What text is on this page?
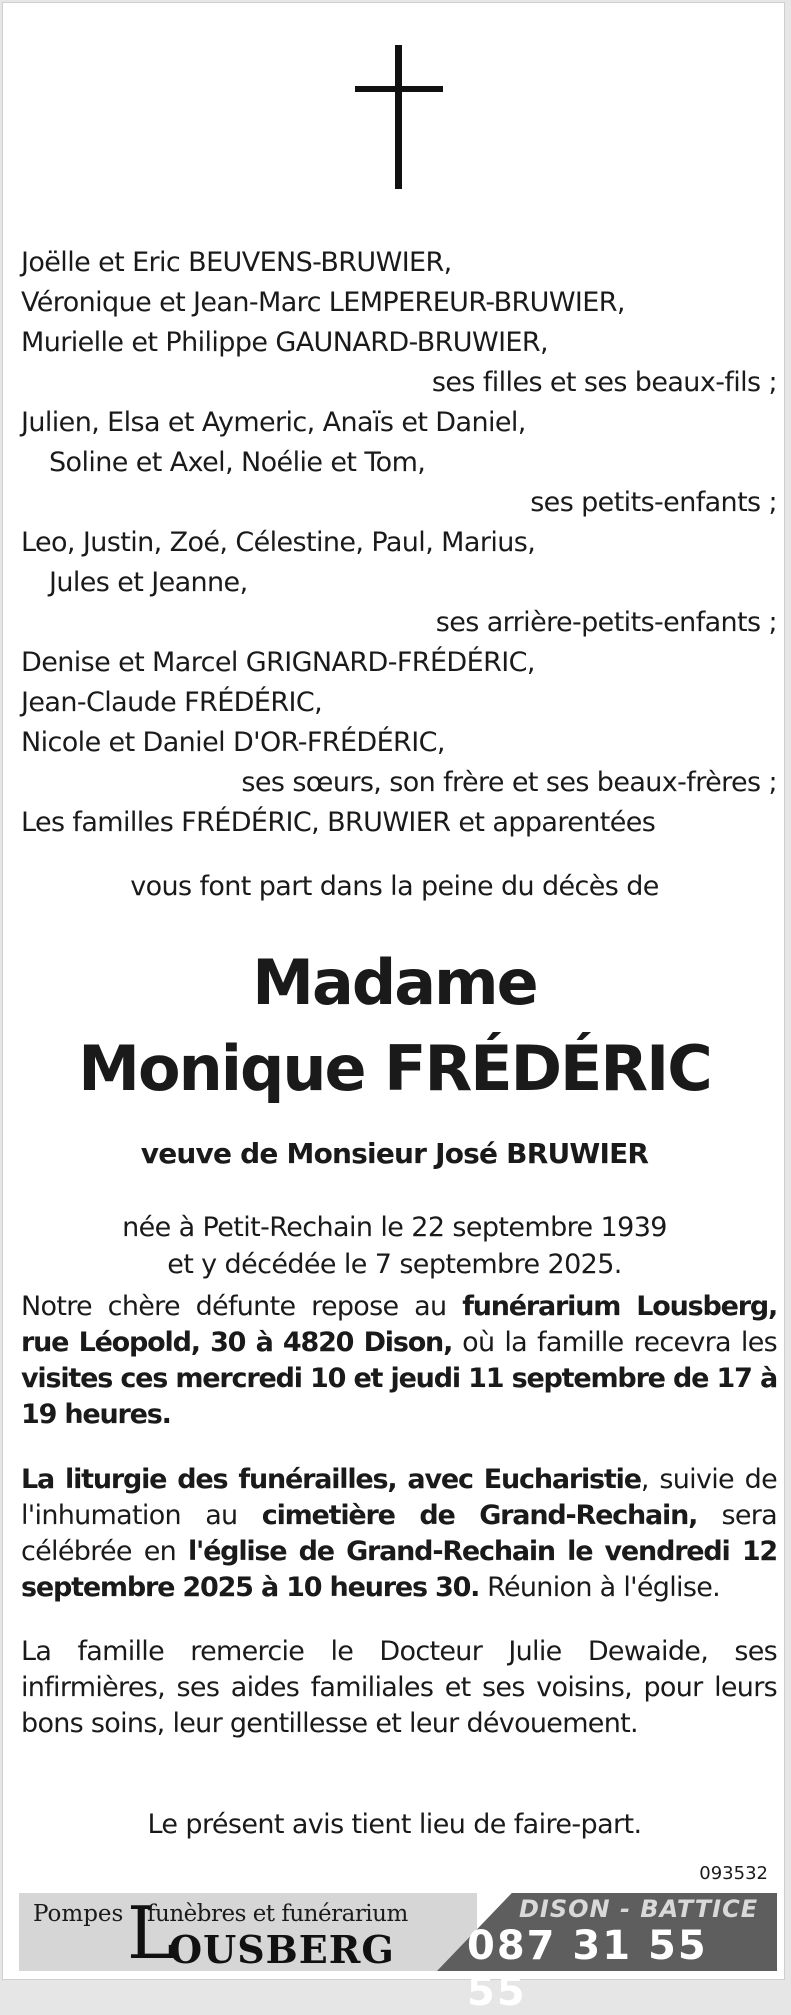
Joëlle et Eric BEUVENS-BRUWIER,
Véronique et Jean-Marc LEMPEREUR-BRUWIER,
Murielle et Philippe GAUNARD-BRUWIER,
ses filles et ses beaux-fils ;
Julien, Elsa et Aymeric, Anaïs et Daniel,
Soline et Axel, Noélie et Tom,
ses petits-enfants ;
Leo, Justin, Zoé, Célestine, Paul, Marius,
Jules et Jeanne,
ses arrière-petits-enfants ;
Denise et Marcel GRIGNARD-FRÉDÉRIC,
Jean-Claude FRÉDÉRIC,
Nicole et Daniel D'OR-FRÉDÉRIC,
ses sœurs, son frère et ses beaux-frères ;
Les familles FRÉDÉRIC, BRUWIER et apparentées
vous font part dans la peine du décès de
Madame
Monique FRÉDÉRIC
veuve de Monsieur José BRUWIER
née à Petit-Rechain le 22 septembre 1939
et y décédée le 7 septembre 2025.
Notre chère défunte repose au funérarium Lousberg, rue Léopold, 30 à 4820 Dison, où la famille recevra les visites ces mercredi 10 et jeudi 11 septembre de 17 à 19 heures.
La liturgie des funérailles, avec Eucharistie, suivie de l'inhumation au cimetière de Grand-Rechain, sera célébrée en l'église de Grand-Rechain le vendredi 12 septembre 2025 à 10 heures 30. Réunion à l'église.
La famille remercie le Docteur Julie Dewaide, ses infirmières, ses aides familiales et ses voisins, pour leurs bons soins, leur gentillesse et leur dévouement.
Le présent avis tient lieu de faire-part.
093532
Pompes L
funèbres et funérarium
OUSBERG
DISON - BATTICE
087 31 55 55
